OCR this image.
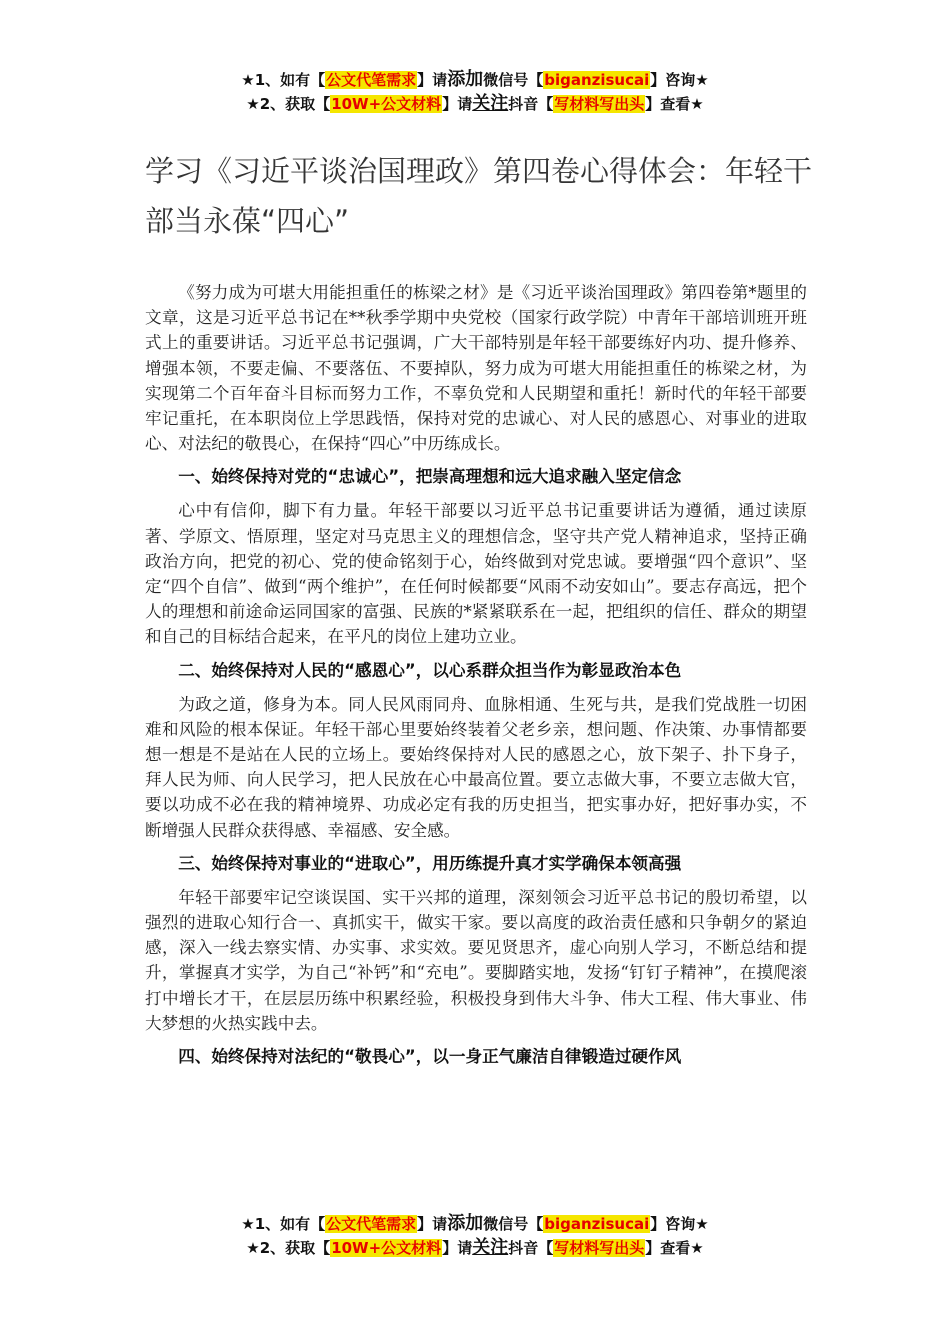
★1、如有【公文代笔需求】请添加微信号【biganzisucai】咨询★
★2、获取【10W+公文材料】请关注抖音【写材料写出头】查看★
学习《习近平谈治国理政》第四卷心得体会：年轻干部当永葆“四心”

《努力成为可堪大用能担重任的栋梁之材》是《习近平谈治国理政》第四卷第*题里的文章，这是习近平总书记在**秋季学期中央党校（国家行政学院）中青年干部培训班开班式上的重要讲话。习近平总书记强调，广大干部特别是年轻干部要练好内功、提升修养、增强本领，不要走偏、不要落伍、不要掉队，努力成为可堪大用能担重任的栋梁之材，为实现第二个百年奋斗目标而努力工作，不辜负党和人民期望和重托！新时代的年轻干部要牢记重托，在本职岗位上学思践悟，保持对党的忠诚心、对人民的感恩心、对事业的进取心、对法纪的敬畏心，在保持“四心”中历练成长。

一、始终保持对党的“忠诚心”，把崇高理想和远大追求融入坚定信念

心中有信仰，脚下有力量。年轻干部要以习近平总书记重要讲话为遵循，通过读原著、学原文、悟原理，坚定对马克思主义的理想信念，坚守共产党人精神追求，坚持正确政治方向，把党的初心、党的使命铭刻于心，始终做到对党忠诚。要增强“四个意识”、坚定“四个自信”、做到“两个维护”，在任何时候都要“风雨不动安如山”。要志存高远，把个人的理想和前途命运同国家的富强、民族的*紧紧联系在一起，把组织的信任、群众的期望和自己的目标结合起来，在平凡的岗位上建功立业。

二、始终保持对人民的“感恩心”，以心系群众担当作为彰显政治本色

为政之道，修身为本。同人民风雨同舟、血脉相通、生死与共，是我们党战胜一切困难和风险的根本保证。年轻干部心里要始终装着父老乡亲，想问题、作决策、办事情都要想一想是不是站在人民的立场上。要始终保持对人民的感恩之心，放下架子、扑下身子，拜人民为师、向人民学习，把人民放在心中最高位置。要立志做大事，不要立志做大官，要以功成不必在我的精神境界、功成必定有我的历史担当，把实事办好，把好事办实，不断增强人民群众获得感、幸福感、安全感。

三、始终保持对事业的“进取心”，用历练提升真才实学确保本领高强

年轻干部要牢记空谈误国、实干兴邦的道理，深刻领会习近平总书记的殷切希望，以强烈的进取心知行合一、真抓实干，做实干家。要以高度的政治责任感和只争朝夕的紧迫感，深入一线去察实情、办实事、求实效。要见贤思齐，虚心向别人学习，不断总结和提升，掌握真才实学，为自己“补钙”和“充电”。要脚踏实地，发扬“钉钉子精神”，在摸爬滚打中增长才干，在层层历练中积累经验，积极投身到伟大斗争、伟大工程、伟大事业、伟大梦想的火热实践中去。

四、始终保持对法纪的“敬畏心”，以一身正气廉洁自律锻造过硬作风
★1、如有【公文代笔需求】请添加微信号【biganzisucai】咨询★
★2、获取【10W+公文材料】请关注抖音【写材料写出头】查看★
